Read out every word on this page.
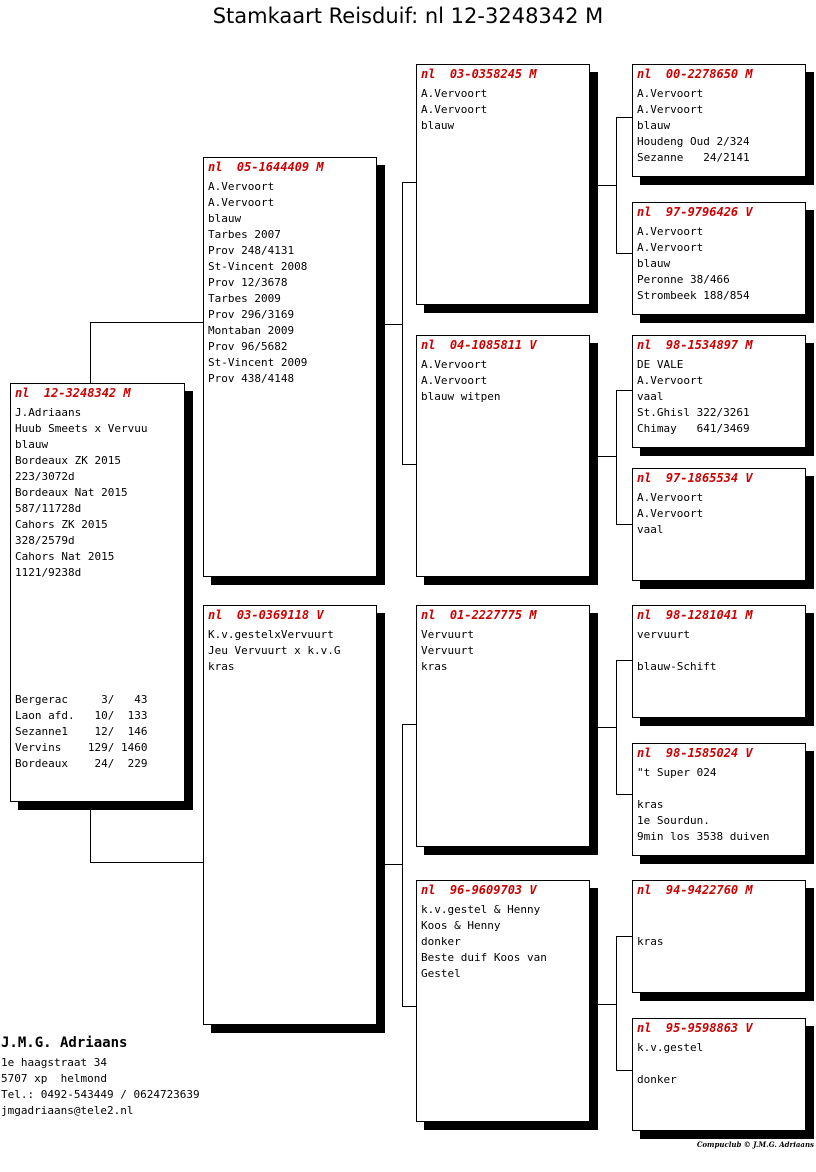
Stamkaart Reisduif: nl 12-3248342 M
nl  12-3248342 M
J.Adriaans
Huub Smeets x Vervuu
blauw
Bordeaux ZK 2015
223/3072d
Bordeaux Nat 2015
587/11728d
Cahors ZK 2015
328/2579d
Cahors Nat 2015
1121/9238d
Bergerac     3/   43
Laon afd.   10/  133
Sezanne1    12/  146
Vervins    129/ 1460
Bordeaux    24/  229
nl  05-1644409 M
A.Vervoort
A.Vervoort
blauw
Tarbes 2007
Prov 248/4131
St-Vincent 2008
Prov 12/3678
Tarbes 2009
Prov 296/3169
Montaban 2009
Prov 96/5682
St-Vincent 2009
Prov 438/4148
nl  03-0369118 V
K.v.gestelxVervuurt
Jeu Vervuurt x k.v.G
kras
nl  03-0358245 M
A.Vervoort
A.Vervoort
blauw
nl  04-1085811 V
A.Vervoort
A.Vervoort
blauw witpen
nl  01-2227775 M
Vervuurt
Vervuurt
kras
nl  96-9609703 V
k.v.gestel & Henny
Koos & Henny
donker
Beste duif Koos van
Gestel
nl  00-2278650 M
A.Vervoort
A.Vervoort
blauw
Houdeng Oud 2/324
Sezanne   24/2141
nl  97-9796426 V
A.Vervoort
A.Vervoort
blauw
Peronne 38/466
Strombeek 188/854
nl  98-1534897 M
DE VALE
A.Vervoort
vaal
St.Ghisl 322/3261
Chimay   641/3469
nl  97-1865534 V
A.Vervoort
A.Vervoort
vaal
nl  98-1281041 M
vervuurt
blauw-Schift
nl  98-1585024 V
"t Super 024
kras
1e Sourdun.
9min los 3538 duiven
nl  94-9422760 M
kras
nl  95-9598863 V
k.v.gestel
donker
J.M.G. Adriaans
1e haagstraat 34
5707 xp  helmond
Tel.: 0492-543449 / 0624723639
jmgadriaans@tele2.nl
Compuclub © J.M.G. Adriaans
